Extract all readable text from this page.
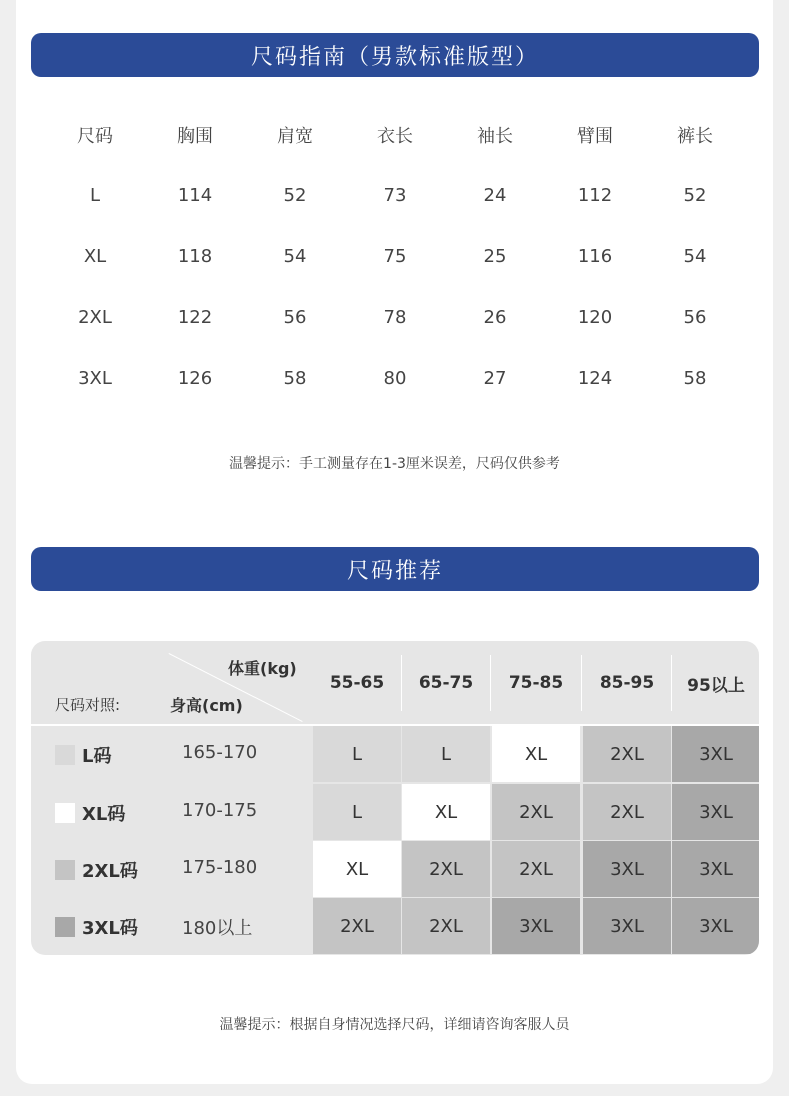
尺码指南（男款标准版型）
尺码	胸围	肩宽	衣长	袖长	臂围	裤长
L	114	52	73	24	112	52
XL	118	54	75	25	116	54
2XL	122	56	78	26	120	56
3XL	126	58	80	27	124	58
温馨提示：手工测量存在1-3厘米误差，尺码仅供参考
尺码推荐
体重(kg)
身高(cm)
尺码对照:
55-65	65-75	75-85	85-95	95以上
L码	165-170	L	L	XL	2XL	3XL
XL码	170-175	L	XL	2XL	2XL	3XL
2XL码 175-180	XL	2XL	2XL	3XL	3XL
3XL码 180以上	2XL	2XL	3XL	3XL	3XL
温馨提示：根据自身情况选择尺码，详细请咨询客服人员
